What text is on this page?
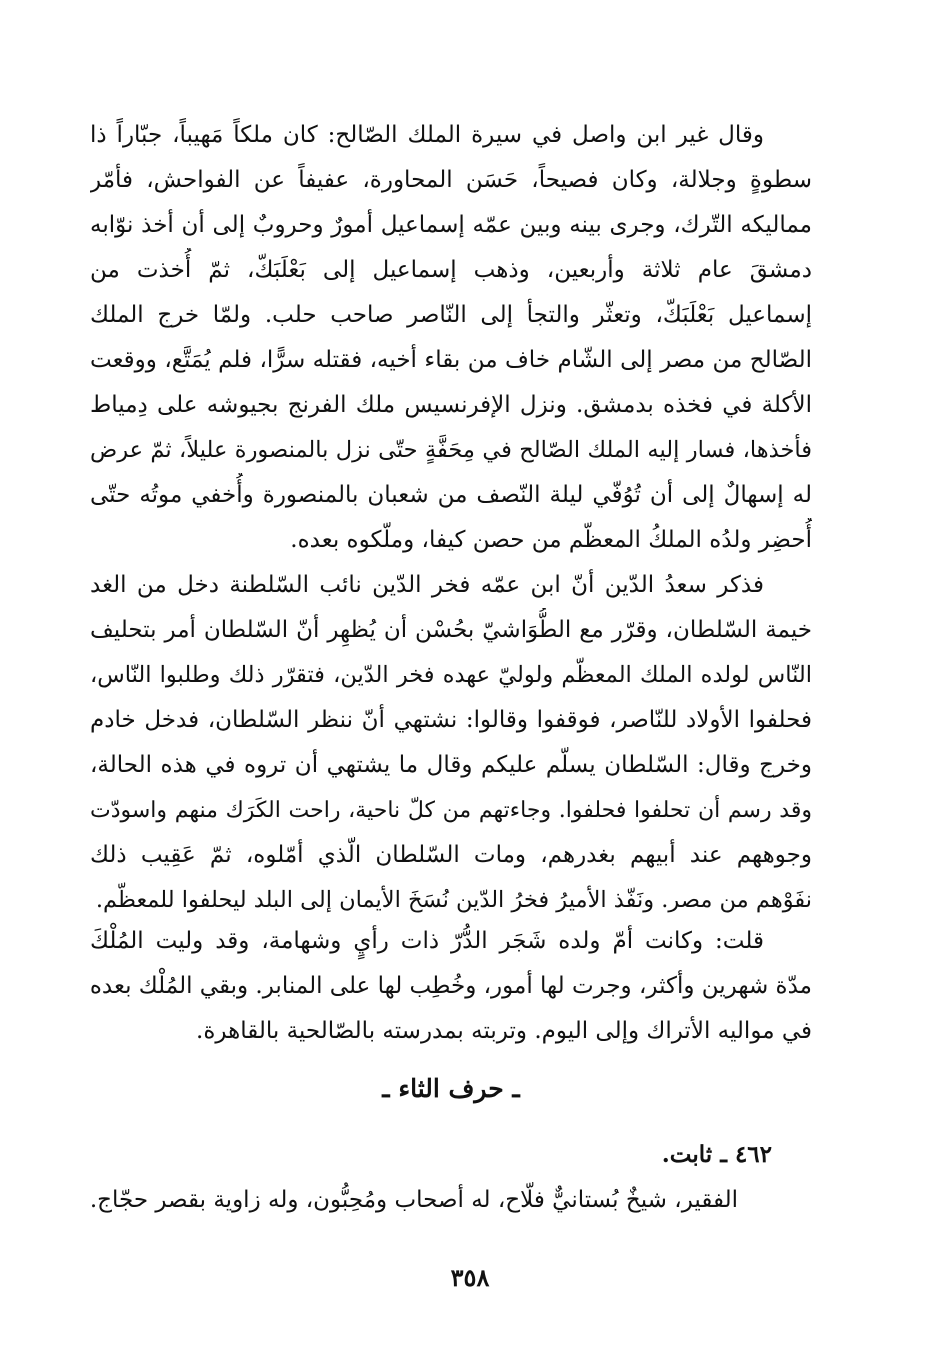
وقال غير ابن واصل في سيرة الملك الصّالح: كان ملكاً مَهيباً، جبّاراً ذا
سطوةٍ وجلالة، وكان فصيحاً، حَسَن المحاورة، عفيفاً عن الفواحش، فأمّر
مماليكه التّرك، وجرى بينه وبين عمّه إسماعيل أمورٌ وحروبٌ إلى أن أخذ نوّابه
دمشقَ عام ثلاثة وأربعين، وذهب إسماعيل إلى بَعْلَبَكّ، ثمّ أُخذت من
إسماعيل بَعْلَبَكّ، وتعثّر والتجأ إلى النّاصر صاحب حلب. ولمّا خرج الملك
الصّالح من مصر إلى الشّام خاف من بقاء أخيه، فقتله سرًّا، فلم يُمَتَّع، ووقعت
الأكلة في فخذه بدمشق. ونزل الإفرنسيس ملك الفرنج بجيوشه على دِمياط
فأخذها، فسار إليه الملك الصّالح في مِحَفَّةٍ حتّى نزل بالمنصورة عليلاً، ثمّ عرض
له إسهالٌ إلى أن تُوُفّي ليلة النّصف من شعبان بالمنصورة وأُخفي موتُه حتّى
أُحضِر ولدُه الملكُ المعظّم من حصن كيفا، وملّكوه بعده.
فذكر سعدُ الدّين أنّ ابن عمّه فخر الدّين نائب السّلطنة دخل من الغد
خيمة السّلطان، وقرّر مع الطُّوَاشيّ بحُسْن أن يُظهِر أنّ السّلطان أمر بتحليف
النّاس لولده الملك المعظّم ولوليّ عهده فخر الدّين، فتقرّر ذلك وطلبوا النّاس،
فحلفوا الأولاد للنّاصر، فوقفوا وقالوا: نشتهي أنّ ننظر السّلطان، فدخل خادم
وخرج وقال: السّلطان يسلّم عليكم وقال ما يشتهي أن تروه في هذه الحالة،
وقد رسم أن تحلفوا فحلفوا. وجاءتهم من كلّ ناحية، راحت الكَرَك منهم واسودّت
وجوههم عند أبيهم بغدرهم، ومات السّلطان الّذي أمّلوه، ثمّ عَقِيب ذلك
نفَوْهم من مصر. ونَفّذ الأميرُ فخرُ الدّين نُسَخَ الأيمان إلى البلد ليحلفوا للمعظّم.
قلت: وكانت أمّ ولده شَجَر الدُّرّ ذات رأيٍ وشهامة، وقد وليت المُلْكَ
مدّة شهرين وأكثر، وجرت لها أمور، وخُطِب لها على المنابر. وبقي المُلْك بعده
في مواليه الأتراك وإلى اليوم. وتربته بمدرسته بالصّالحية بالقاهرة.
ـ حرف الثاء ـ
٤٦٢ ـ ثابت.
الفقير، شيخٌ بُستانيٌّ فلّاح، له أصحاب ومُحِبُّون، وله زاوية بقصر حجّاج.
٣٥٨
